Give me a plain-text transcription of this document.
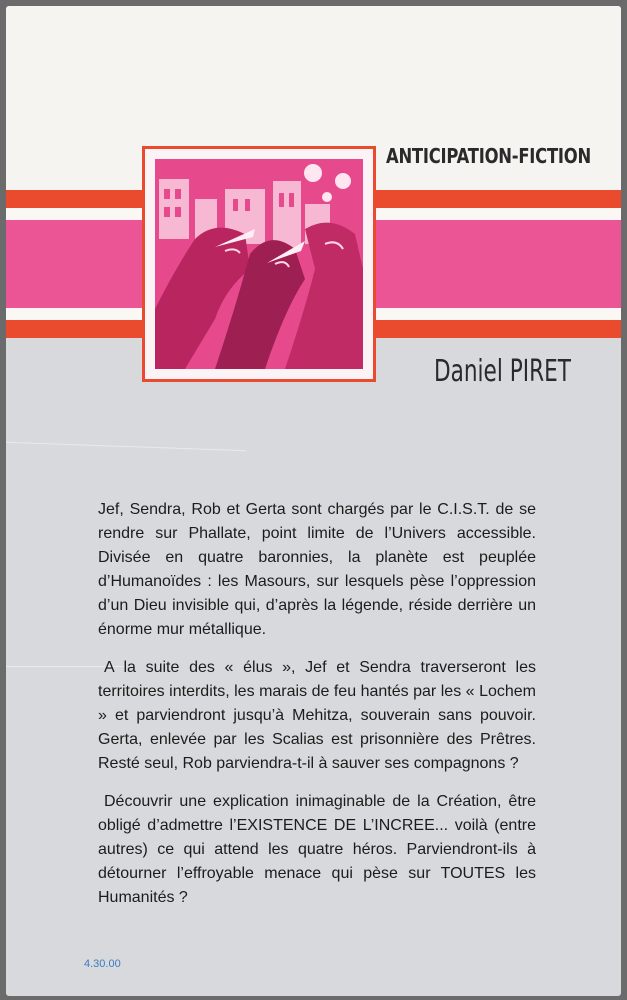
ANTICIPATION-FICTION
Daniel PIRET

Jef, Sendra, Rob et Gerta sont chargés par le C.I.S.T. de se rendre sur Phallate, point limite de l’Univers accessible. Divisée en quatre baronnies, la planète est peuplée d’Humanoïdes : les Masours, sur lesquels pèse l’oppression d’un Dieu invisible qui, d’après la légende, réside derrière un énorme mur métallique.

A la suite des « élus », Jef et Sendra traverseront les territoires interdits, les marais de feu hantés par les « Lochem » et parviendront jusqu’à Mehitza, souverain sans pouvoir. Gerta, enlevée par les Scalias est prisonnière des Prêtres. Resté seul, Rob parviendra-t-il à sauver ses compagnons ?

Découvrir une explication inimaginable de la Création, être obligé d’admettre l’EXISTENCE DE L’INCREE... voilà (entre autres) ce qui attend les quatre héros. Parviendront-ils à détourner l’effroyable menace qui pèse sur TOUTES les Humanités ?

4.30.00
